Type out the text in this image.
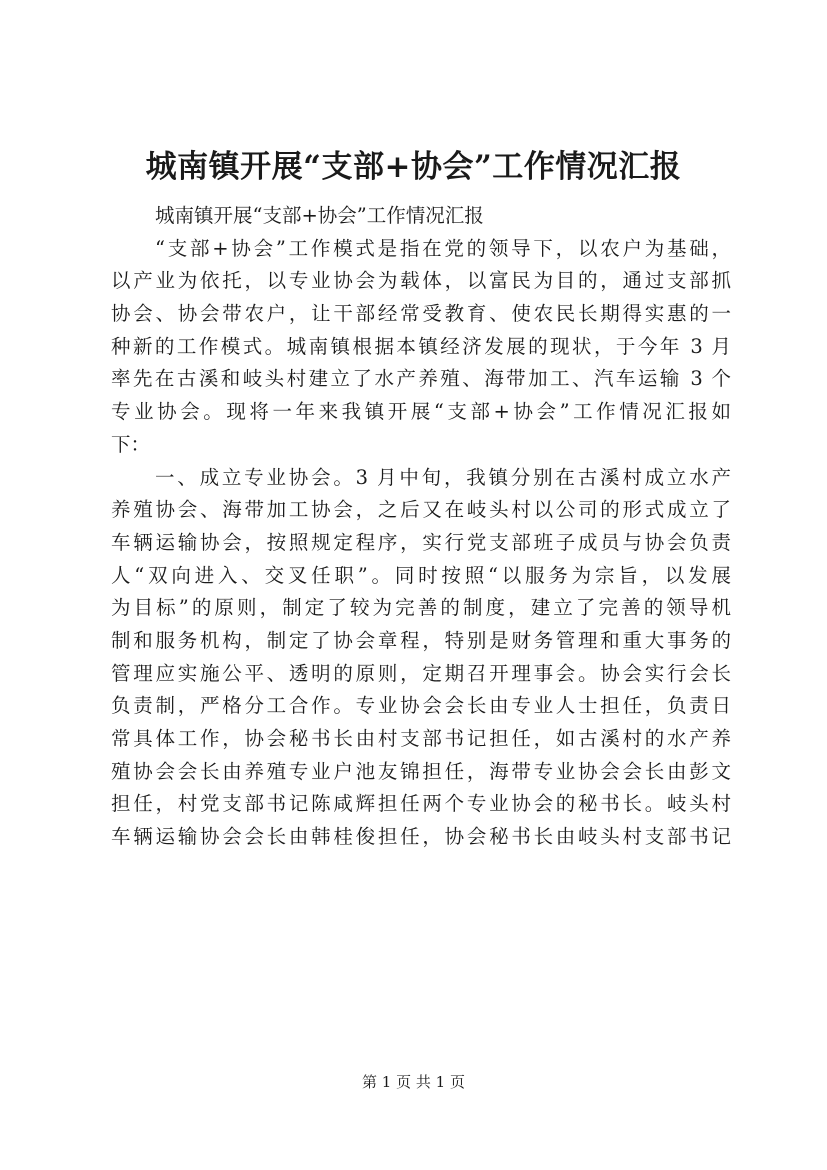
城南镇开展“支部+协会”工作情况汇报
城南镇开展“支部+协会”工作情况汇报
“支部+协会”工作模式是指在党的领导下，以农户为基础，
以产业为依托，以专业协会为载体，以富民为目的，通过支部抓
协会、协会带农户，让干部经常受教育、使农民长期得实惠的一
种新的工作模式。城南镇根据本镇经济发展的现状，于今年 3 月
率先在古溪和岐头村建立了水产养殖、海带加工、汽车运输 3 个
专业协会。现将一年来我镇开展“支部+协会”工作情况汇报如
下：
一、成立专业协会。3 月中旬，我镇分别在古溪村成立水产
养殖协会、海带加工协会，之后又在岐头村以公司的形式成立了
车辆运输协会，按照规定程序，实行党支部班子成员与协会负责
人“双向进入、交叉任职”。同时按照“以服务为宗旨，以发展
为目标”的原则，制定了较为完善的制度，建立了完善的领导机
制和服务机构，制定了协会章程，特别是财务管理和重大事务的
管理应实施公平、透明的原则，定期召开理事会。协会实行会长
负责制，严格分工合作。专业协会会长由专业人士担任，负责日
常具体工作，协会秘书长由村支部书记担任，如古溪村的水产养
殖协会会长由养殖专业户池友锦担任，海带专业协会会长由彭文
担任，村党支部书记陈咸辉担任两个专业协会的秘书长。岐头村
车辆运输协会会长由韩桂俊担任，协会秘书长由岐头村支部书记
第 1 页 共 1 页
